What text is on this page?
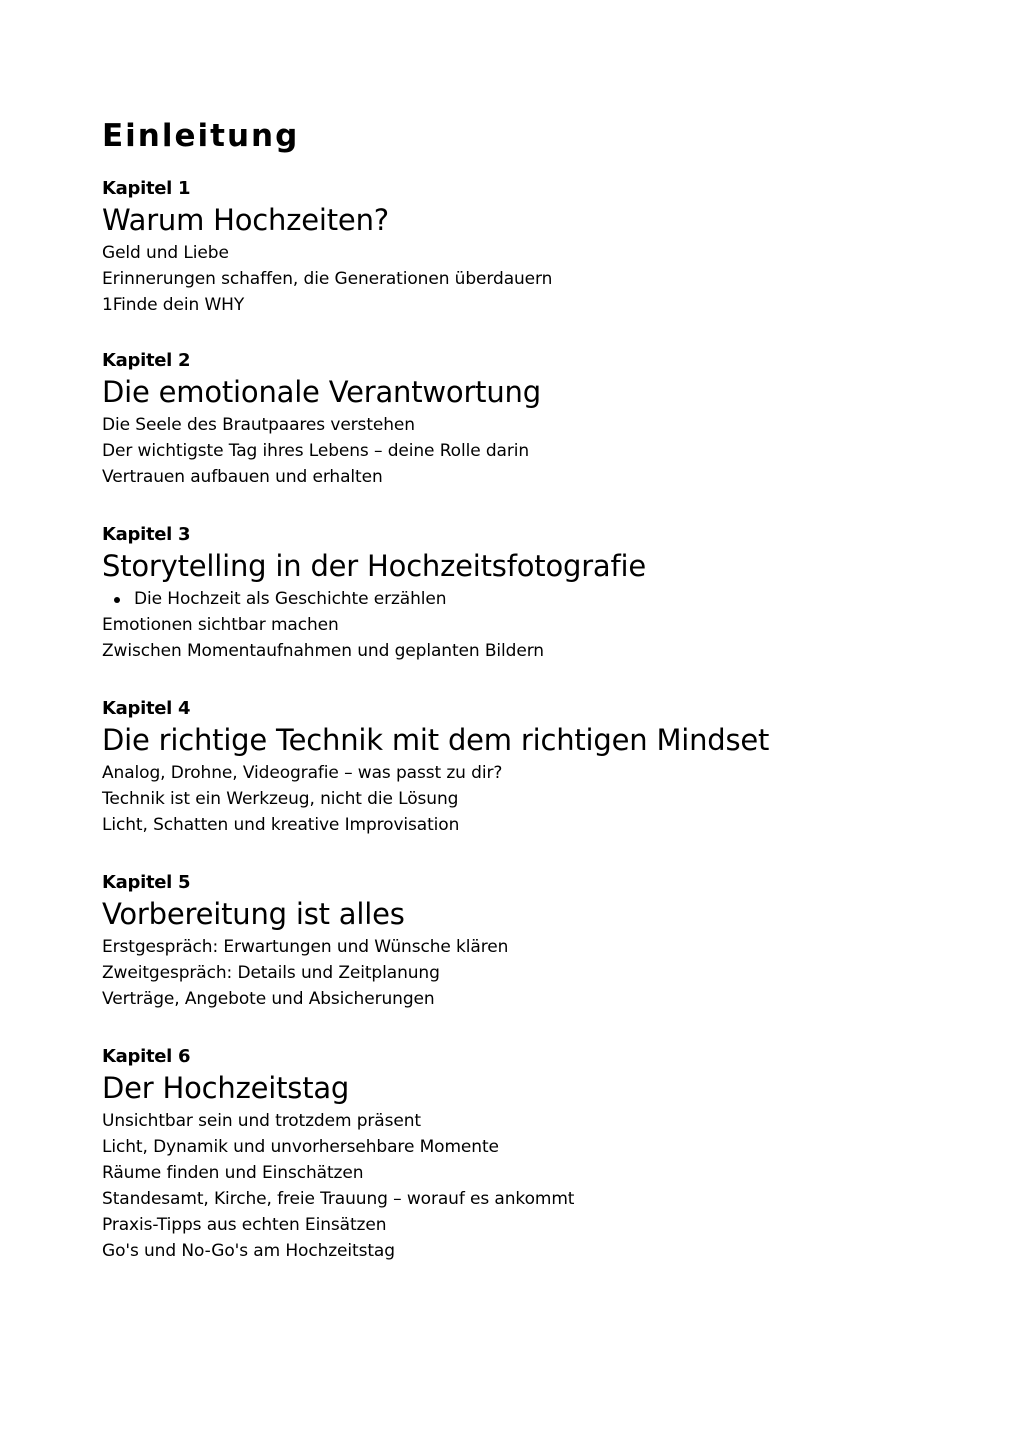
Einleitung
Kapitel 1
Warum Hochzeiten?
Geld und Liebe
Erinnerungen schaffen, die Generationen überdauern
1Finde dein WHY
Kapitel 2
Die emotionale Verantwortung
Die Seele des Brautpaares verstehen
Der wichtigste Tag ihres Lebens – deine Rolle darin
Vertrauen aufbauen und erhalten
Kapitel 3
Storytelling in der Hochzeitsfotografie
Die Hochzeit als Geschichte erzählen
Emotionen sichtbar machen
Zwischen Momentaufnahmen und geplanten Bildern
Kapitel 4
Die richtige Technik mit dem richtigen Mindset
Analog, Drohne, Videografie – was passt zu dir?
Technik ist ein Werkzeug, nicht die Lösung
Licht, Schatten und kreative Improvisation
Kapitel 5
Vorbereitung ist alles
Erstgespräch: Erwartungen und Wünsche klären
Zweitgespräch: Details und Zeitplanung
Verträge, Angebote und Absicherungen
Kapitel 6
Der Hochzeitstag
Unsichtbar sein und trotzdem präsent
Licht, Dynamik und unvorhersehbare Momente
Räume finden und Einschätzen
Standesamt, Kirche, freie Trauung – worauf es ankommt
Praxis-Tipps aus echten Einsätzen
Go's und No-Go's am Hochzeitstag
